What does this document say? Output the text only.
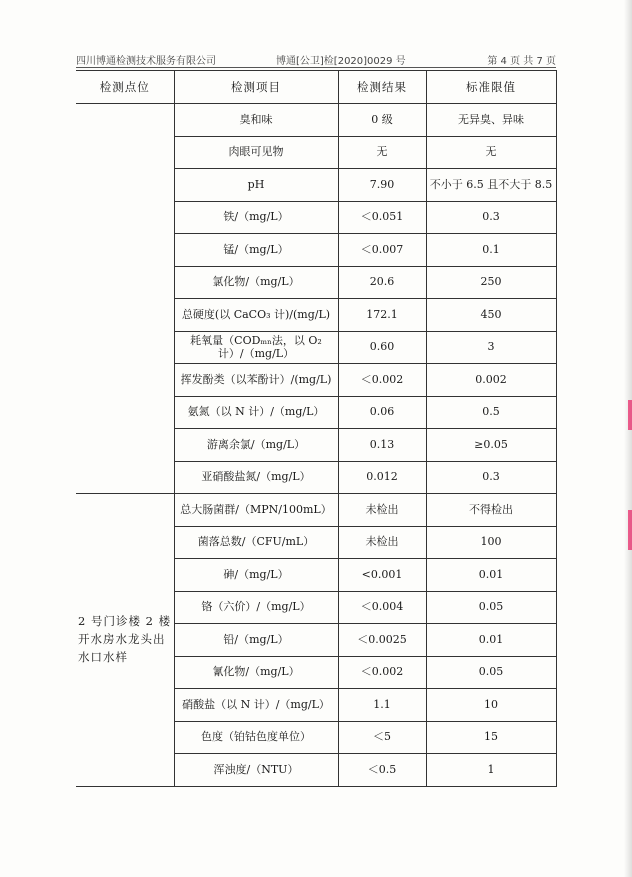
四川博通检测技术服务有限公司	博通[公卫]检[2020]0029 号	第 4 页 共 7 页
检测点位	检测项目	检测结果	标准限值
	臭和味	0 级	无异臭、异味
	肉眼可见物	无	无
	pH	7.90	不小于 6.5 且不大于 8.5
	铁/（mg/L）	＜0.051	0.3
	锰/（mg/L）	＜0.007	0.1
	氯化物/（mg/L）	20.6	250
	总硬度(以 CaCO₃ 计)/(mg/L)	172.1	450
	耗氧量（CODₘₙ法，以 O₂ 计）/（mg/L）	0.60	3
	挥发酚类（以苯酚计）/(mg/L)	＜0.002	0.002
	氨氮（以 N 计）/（mg/L）	0.06	0.5
	游离余氯/（mg/L）	0.13	≥0.05
	亚硝酸盐氮/（mg/L）	0.012	0.3
2 号门诊楼 2 楼开水房水龙头出水口水样	总大肠菌群/（MPN/100mL）	未检出	不得检出
	菌落总数/（CFU/mL）	未检出	100
	砷/（mg/L）	<0.001	0.01
	铬（六价）/（mg/L）	＜0.004	0.05
	铅/（mg/L）	＜0.0025	0.01
	氰化物/（mg/L）	＜0.002	0.05
	硝酸盐（以 N 计）/（mg/L）	1.1	10
	色度（铂钴色度单位）	＜5	15
	浑浊度/（NTU）	＜0.5	1
